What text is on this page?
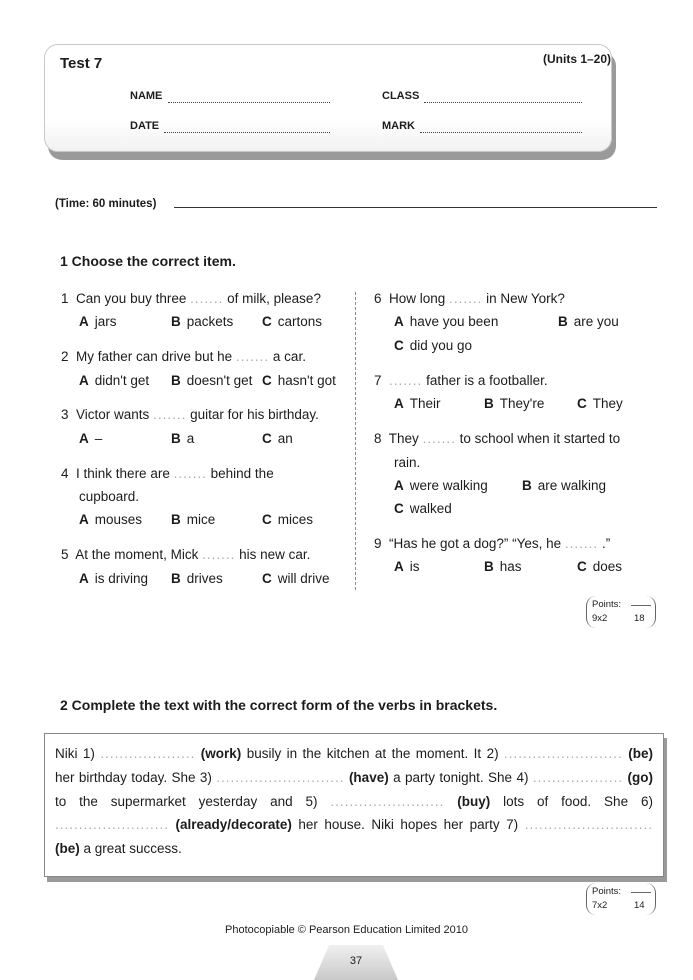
Test 7	(Units 1–20)
NAME	CLASS
DATE	MARK
(Time: 60 minutes)
1 Choose the correct item.
1 Can you buy three ....... of milk, please?
A jars	B packets C cartons
2 My father can drive but he ....... a car.
A didn't get B doesn't get C hasn't got
3 Victor wants ....... guitar for his birthday.
A –	B a	C an
4 I think there are ....... behind the
cupboard.
A mouses B mice	C mices
5 At the moment, Mick ....... his new car.
A is driving B drives	C will drive
6 How long ....... in New York?
A have you been	B are you
C did you go
7 ....... father is a footballer.
A Their	B They're C They
8 They ....... to school when it started to
rain.
A were walking	B are walking
C walked
9 “Has he got a dog?” “Yes, he ....... .”
A is	B has	C does
Points:
9x2	18
2 Complete the text with the correct form of the verbs in brackets.
Niki 1) .................... (work) busily in the kitchen at the moment. It 2) ......................... (be) her birthday today. She 3) ........................... (have) a party tonight. She 4) ................... (go) to the supermarket yesterday and 5) ........................ (buy) lots of food. She 6) ........................ (already/decorate) her house. Niki hopes her party 7) ........................... (be) a great success.
Points:
7x2	14
Photocopiable © Pearson Education Limited 2010
37
